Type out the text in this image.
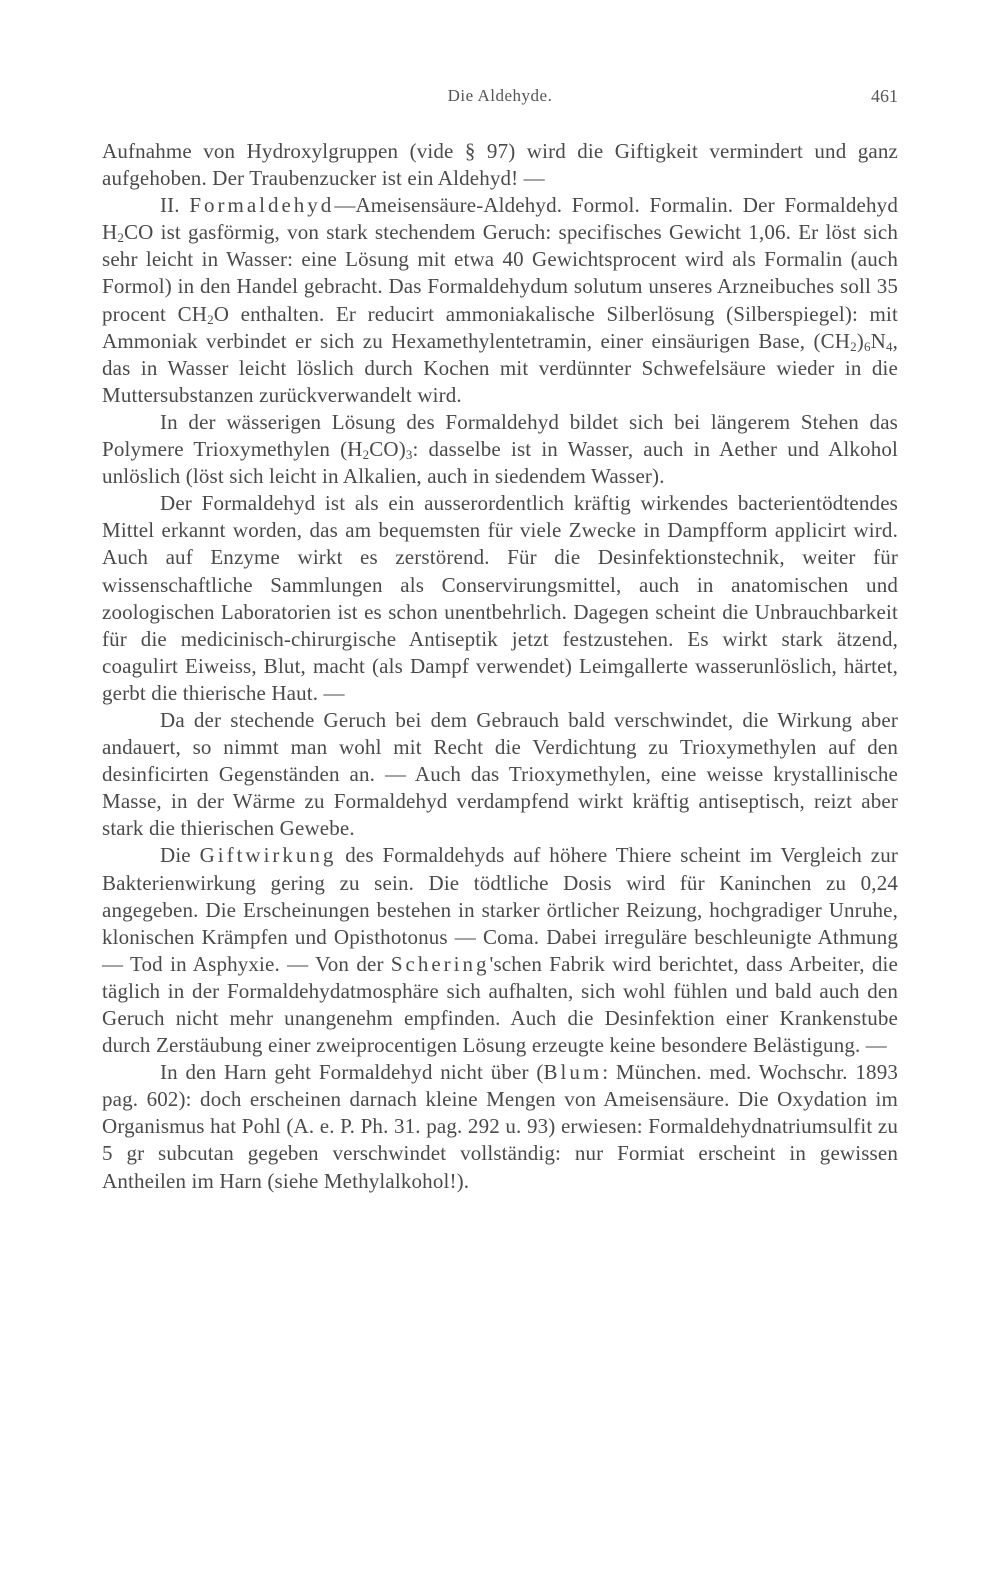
Die Aldehyde.	461

Aufnahme von Hydroxylgruppen (vide § 97) wird die Giftigkeit vermindert und ganz aufgehoben. Der Traubenzucker ist ein Aldehyd! —

II. Formaldehyd—Ameisensäure-Aldehyd. Formol. Formalin. Der Formaldehyd $H_2CO$ ist gasförmig, von stark stechendem Geruch: specifisches Gewicht 1,06. Er löst sich sehr leicht in Wasser: eine Lösung mit etwa 40 Gewichtsprocent wird als Formalin (auch Formol) in den Handel gebracht. Das Formaldehydum solutum unseres Arzneibuches soll 35 procent $CH_2O$ enthalten. Er reducirt ammoniakalische Silberlösung (Silberspiegel): mit Ammoniak verbindet er sich zu Hexamethylentetramin, einer einsäurigen Base, $(CH_2)_6N_4$, das in Wasser leicht löslich durch Kochen mit verdünnter Schwefelsäure wieder in die Muttersubstanzen zurückverwandelt wird.

In der wässerigen Lösung des Formaldehyd bildet sich bei längerem Stehen das Polymere Trioxymethylen $(H_2CO)_3$: dasselbe ist in Wasser, auch in Aether und Alkohol unlöslich (löst sich leicht in Alkalien, auch in siedendem Wasser).

Der Formaldehyd ist als ein ausserordentlich kräftig wirkendes bacterientödtendes Mittel erkannt worden, das am bequemsten für viele Zwecke in Dampfform applicirt wird. Auch auf Enzyme wirkt es zerstörend. Für die Desinfektionstechnik, weiter für wissenschaftliche Sammlungen als Conservirungsmittel, auch in anatomischen und zoologischen Laboratorien ist es schon unentbehrlich. Dagegen scheint die Unbrauchbarkeit für die medicinisch-chirurgische Antiseptik jetzt festzustehen. Es wirkt stark ätzend, coagulirt Eiweiss, Blut, macht (als Dampf verwendet) Leimgallerte wasserunlöslich, härtet, gerbt die thierische Haut. —

Da der stechende Geruch bei dem Gebrauch bald verschwindet, die Wirkung aber andauert, so nimmt man wohl mit Recht die Verdichtung zu Trioxymethylen auf den desinficirten Gegenständen an. — Auch das Trioxymethylen, eine weisse krystallinische Masse, in der Wärme zu Formaldehyd verdampfend wirkt kräftig antiseptisch, reizt aber stark die thierischen Gewebe.

Die Giftwirkung des Formaldehyds auf höhere Thiere scheint im Vergleich zur Bakterienwirkung gering zu sein. Die tödtliche Dosis wird für Kaninchen zu 0,24 angegeben. Die Erscheinungen bestehen in starker örtlicher Reizung, hochgradiger Unruhe, klonischen Krämpfen und Opisthotonus — Coma. Dabei irreguläre beschleunigte Athmung — Tod in Asphyxie. — Von der Schering'schen Fabrik wird berichtet, dass Arbeiter, die täglich in der Formaldehydatmosphäre sich aufhalten, sich wohl fühlen und bald auch den Geruch nicht mehr unangenehm empfinden. Auch die Desinfektion einer Krankenstube durch Zerstäubung einer zweiprocentigen Lösung erzeugte keine besondere Belästigung. —

In den Harn geht Formaldehyd nicht über (Blum: München. med. Wochschr. 1893 pag. 602): doch erscheinen darnach kleine Mengen von Ameisensäure. Die Oxydation im Organismus hat Pohl (A. e. P. Ph. 31. pag. 292 u. 93) erwiesen: Formaldehydnatriumsulfit zu 5 gr subcutan gegeben verschwindet vollständig: nur Formiat erscheint in gewissen Antheilen im Harn (siehe Methylalkohol!).
